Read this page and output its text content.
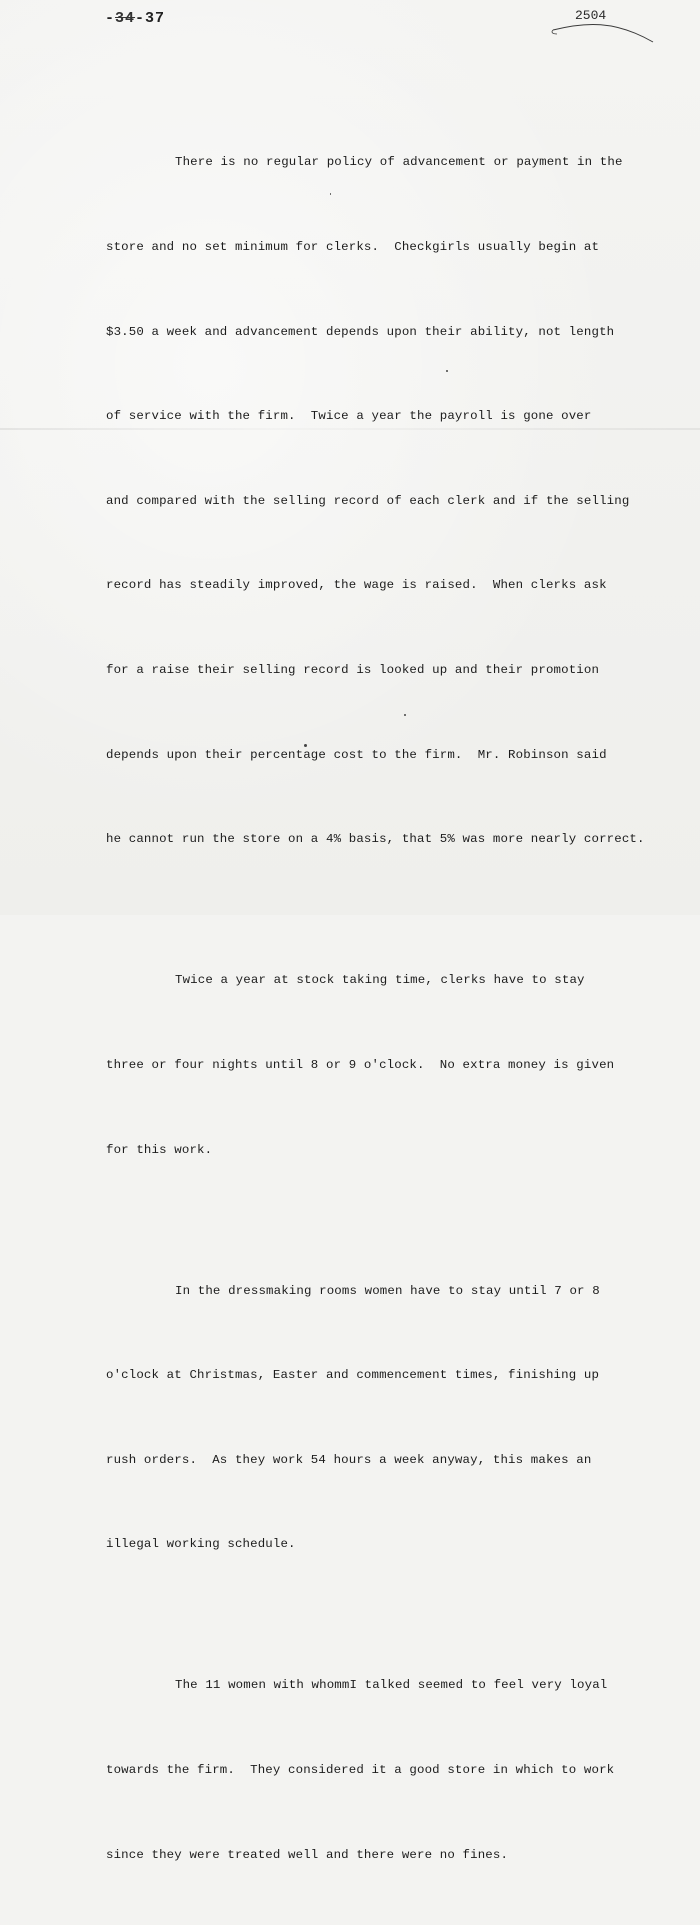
-34-37	2504

There is no regular policy of advancement or payment in the

store and no set minimum for clerks.  Checkgirls usually begin at

$3.50 a week and advancement depends upon their ability, not length

of service with the firm.  Twice a year the payroll is gone over

and compared with the selling record of each clerk and if the selling

record has steadily improved, the wage is raised.  When clerks ask

for a raise their selling record is looked up and their promotion

depends upon their percentage cost to the firm.  Mr. Robinson said

he cannot run the store on a 4% basis, that 5% was more nearly correct.

Twice a year at stock taking time, clerks have to stay

three or four nights until 8 or 9 o'clock.  No extra money is given

for this work.

In the dressmaking rooms women have to stay until 7 or 8

o'clock at Christmas, Easter and commencement times, finishing up

rush orders.  As they work 54 hours a week anyway, this makes an

illegal working schedule.

The 11 women with whommI talked seemed to feel very loyal

towards the firm.  They considered it a good store in which to work

since they were treated well and there were no fines.
